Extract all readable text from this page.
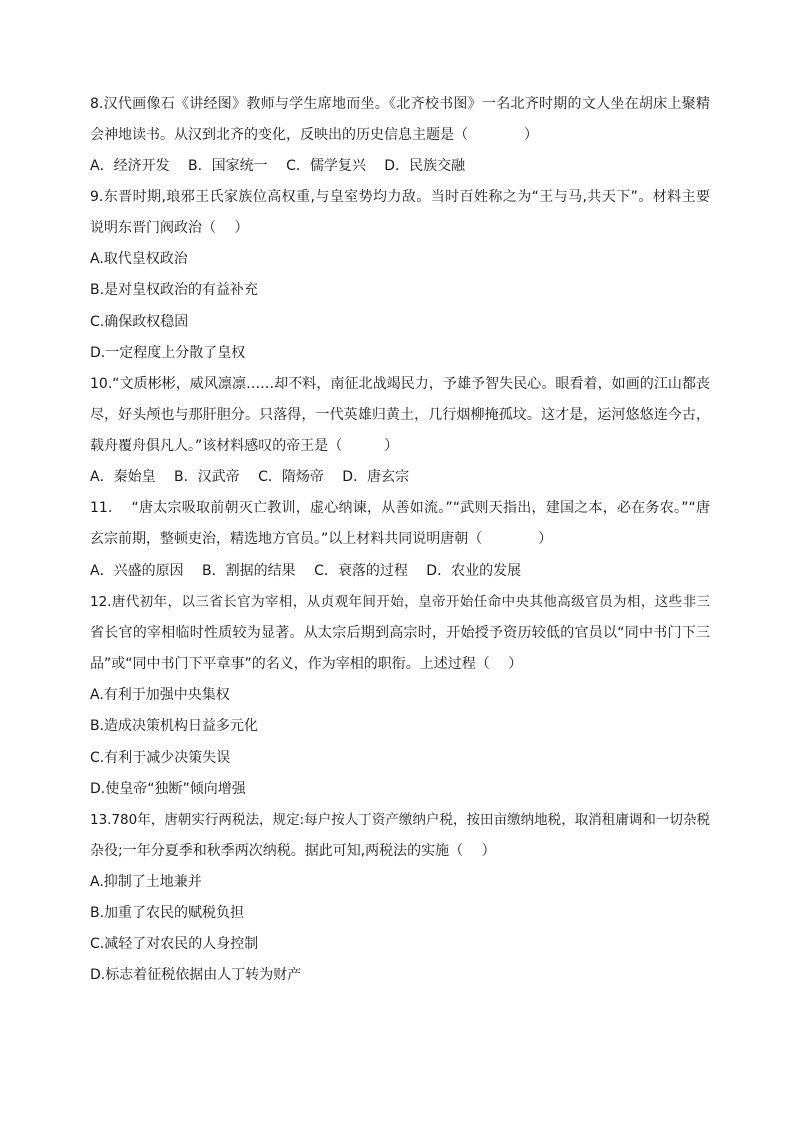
8.汉代画像石《讲经图》教师与学生席地而坐。《北齐校书图》一名北齐时期的文人坐在胡床上聚精
会神地读书。从汉到北齐的变化，反映出的历史信息主题是（　　　　）
A．经济开发　 B．国家统一　 C．儒学复兴　 D．民族交融
9.东晋时期,琅邪王氏家族位高权重,与皇室势均力敌。当时百姓称之为“王与马,共天下”。材料主要
说明东晋门阀政治（　 ）
A.取代皇权政治
B.是对皇权政治的有益补充
C.确保政权稳固
D.一定程度上分散了皇权
10.“文质彬彬，威风凛凛……却不料，南征北战竭民力，予雄予智失民心。眼看着，如画的江山都丧
尽，好头颅也与那肝胆分。只落得，一代英雄归黄土，几行烟柳掩孤坟。这才是，运河悠悠连今古，
载舟覆舟俱凡人。”该材料感叹的帝王是（　　　）
A．秦始皇　 B．汉武帝　 C．隋炀帝　 D．唐玄宗
11.　 “唐太宗吸取前朝灭亡教训，虚心纳谏，从善如流。”“武则天指出，建国之本，必在务农。”“唐
玄宗前期，整顿吏治，精选地方官员。”以上材料共同说明唐朝（　　　　）
A．兴盛的原因　 B．割据的结果　 C．衰落的过程　 D．农业的发展
12.唐代初年，以三省长官为宰相，从贞观年间开始，皇帝开始任命中央其他高级官员为相，这些非三
省长官的宰相临时性质较为显著。从太宗后期到高宗时，开始授予资历较低的官员以“同中书门下三
品”或“同中书门下平章事”的名义，作为宰相的职衔。上述过程（　 ）
A.有利于加强中央集权
B.造成决策机构日益多元化
C.有利于减少决策失误
D.使皇帝“独断”倾向增强
13.780年，唐朝实行两税法，规定:每户按人丁资产缴纳户税，按田亩缴纳地税，取消租庸调和一切杂税
杂役;一年分夏季和秋季两次纳税。据此可知,两税法的实施（　 ）
A.抑制了土地兼并
B.加重了农民的赋税负担
C.减轻了对农民的人身控制
D.标志着征税依据由人丁转为财产
